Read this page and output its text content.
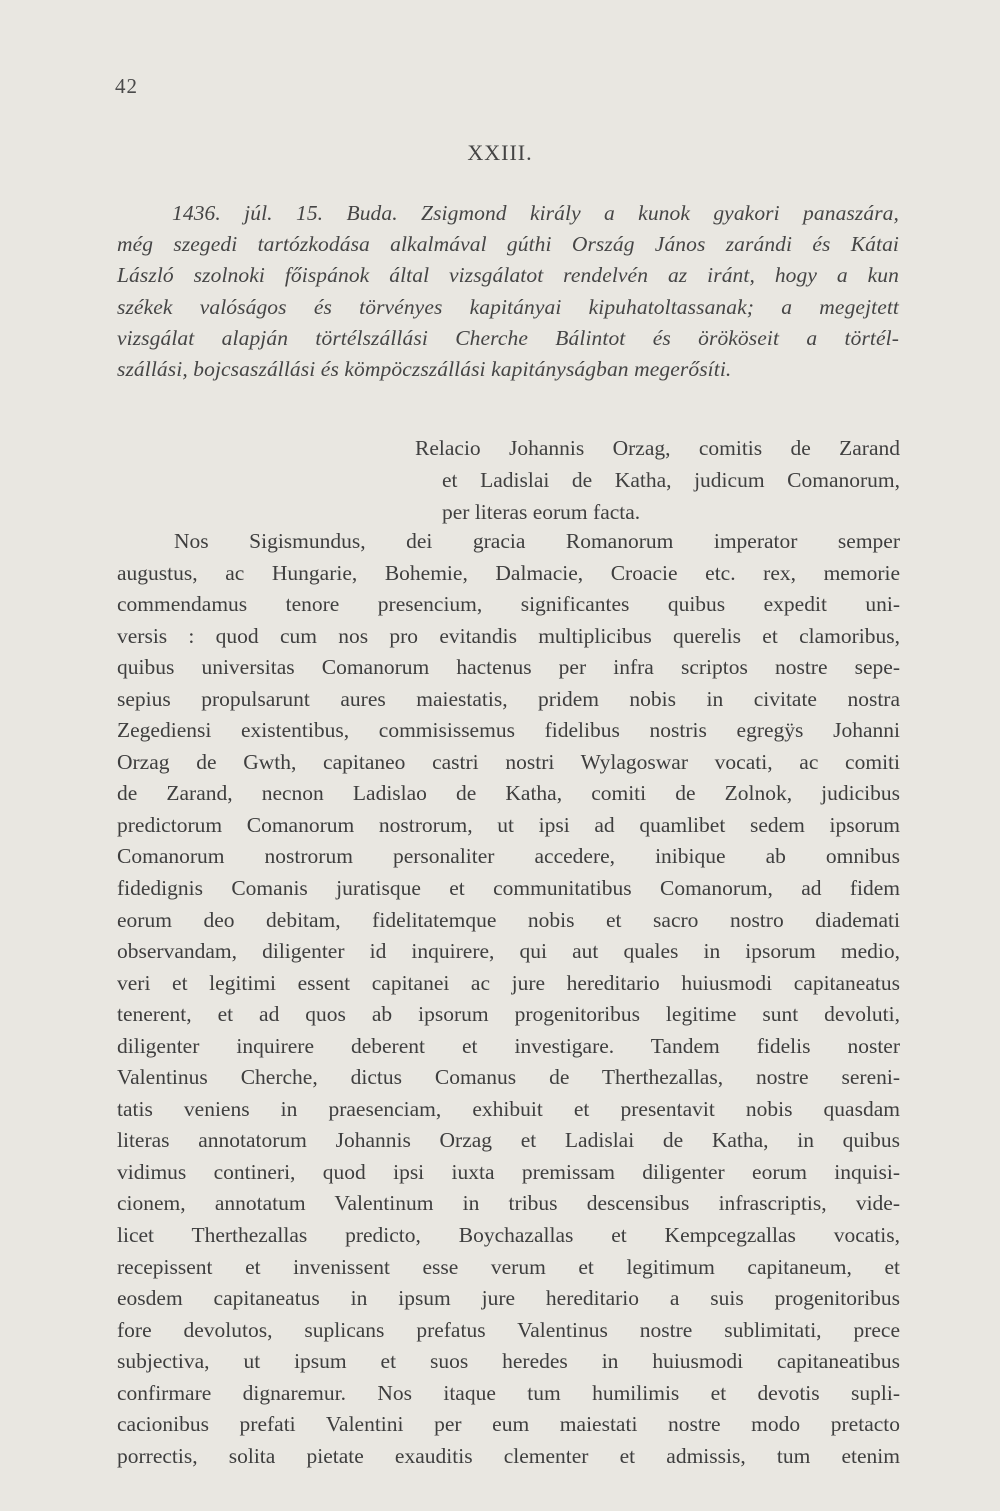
42
XXIII.
1436. júl. 15. Buda. Zsigmond király a kunok gyakori panaszára,
még szegedi tartózkodása alkalmával gúthi Ország János zarándi és Kátai
László szolnoki főispánok által vizsgálatot rendelvén az iránt, hogy a kun
székek valóságos és törvényes kapitányai kipuhatoltassanak; a megejtett
vizsgálat alapján törtélszállási Cherche Bálintot és örököseit a törtél-
szállási, bojcsaszállási és kömpöczszállási kapitányságban megerősíti.
Relacio Johannis Orzag, comitis de Zarand
et Ladislai de Katha, judicum Comanorum,
per literas eorum facta.
Nos Sigismundus, dei gracia Romanorum imperator semper
augustus, ac Hungarie, Bohemie, Dalmacie, Croacie etc. rex, memorie
commendamus tenore presencium, significantes quibus expedit uni-
versis : quod cum nos pro evitandis multiplicibus querelis et clamoribus,
quibus universitas Comanorum hactenus per infra scriptos nostre sepe-
sepius propulsarunt aures maiestatis, pridem nobis in civitate nostra
Zegediensi existentibus, commisissemus fidelibus nostris egregÿs Johanni
Orzag de Gwth, capitaneo castri nostri Wylagoswar vocati, ac comiti
de Zarand, necnon Ladislao de Katha, comiti de Zolnok, judicibus
predictorum Comanorum nostrorum, ut ipsi ad quamlibet sedem ipsorum
Comanorum nostrorum personaliter accedere, inibique ab omnibus
fidedignis Comanis juratisque et communitatibus Comanorum, ad fidem
eorum deo debitam, fidelitatemque nobis et sacro nostro diademati
observandam, diligenter id inquirere, qui aut quales in ipsorum medio,
veri et legitimi essent capitanei ac jure hereditario huiusmodi capitaneatus
tenerent, et ad quos ab ipsorum progenitoribus legitime sunt devoluti,
diligenter inquirere deberent et investigare. Tandem fidelis noster
Valentinus Cherche, dictus Comanus de Therthezallas, nostre sereni-
tatis veniens in praesenciam, exhibuit et presentavit nobis quasdam
literas annotatorum Johannis Orzag et Ladislai de Katha, in quibus
vidimus contineri, quod ipsi iuxta premissam diligenter eorum inquisi-
cionem, annotatum Valentinum in tribus descensibus infrascriptis, vide-
licet Therthezallas predicto, Boychazallas et Kempcegzallas vocatis,
recepissent et invenissent esse verum et legitimum capitaneum, et
eosdem capitaneatus in ipsum jure hereditario a suis progenitoribus
fore devolutos, suplicans prefatus Valentinus nostre sublimitati, prece
subjectiva, ut ipsum et suos heredes in huiusmodi capitaneatibus
confirmare dignaremur. Nos itaque tum humilimis et devotis supli-
cacionibus prefati Valentini per eum maiestati nostre modo pretacto
porrectis, solita pietate exauditis clementer et admissis, tum etenim
